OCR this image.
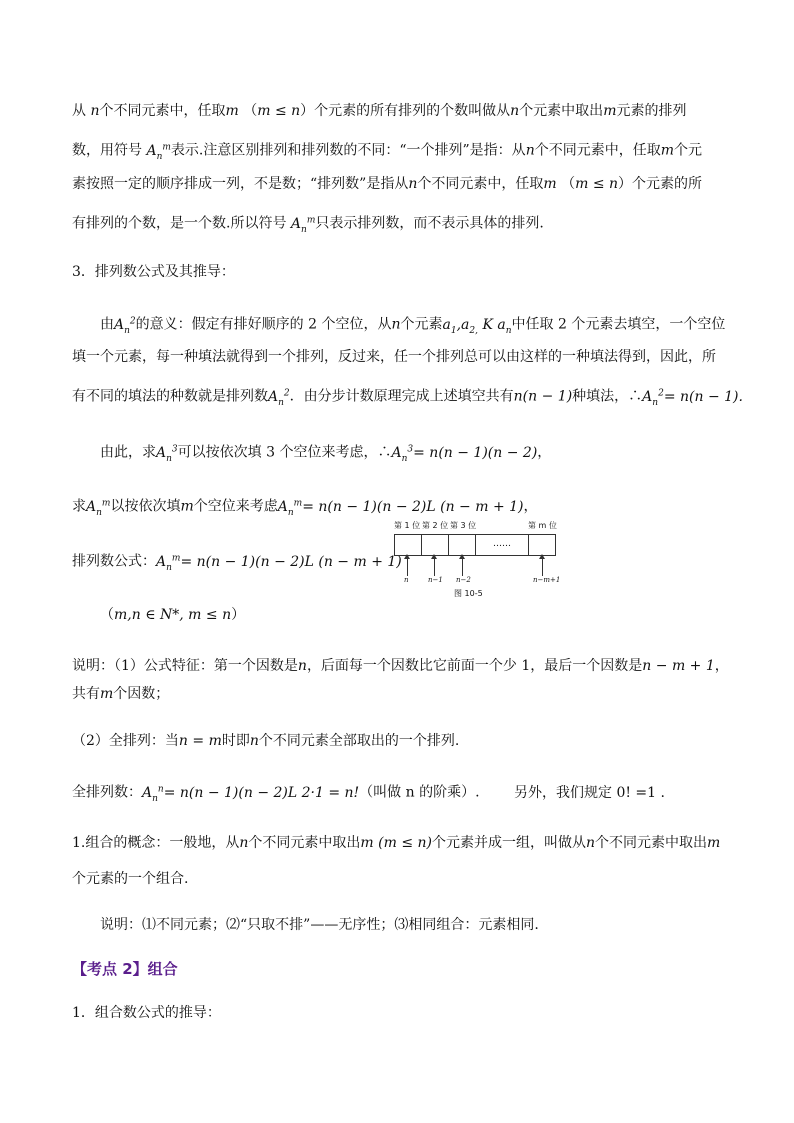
从 n个不同元素中，任取m （m ≤ n）个元素的所有排列的个数叫做从n个元素中取出m元素的排列
数，用符号 $A_n^m$表示.注意区别排列和排列数的不同：“一个排列”是指：从n个不同元素中，任取m个元
素按照一定的顺序排成一列，不是数；“排列数”是指从n个不同元素中，任取m （m ≤ n）个元素的所
有排列的个数，是一个数.所以符号 $A_n^m$只表示排列数，而不表示具体的排列.
3．排列数公式及其推导：
由$A_n^2$的意义：假定有排好顺序的 2 个空位，从n个元素$a_1,a_{2,}$ K $a_n$中任取 2 个元素去填空，一个空位
填一个元素，每一种填法就得到一个排列，反过来，任一个排列总可以由这样的一种填法得到，因此，所
有不同的填法的种数就是排列数$A_n^2$．由分步计数原理完成上述填空共有n(n − 1)种填法，$\therefore A_n^2= n(n - 1)$.
由此，求$A_n^3$可以按依次填 3 个空位来考虑，$\therefore A_n^3= n(n - 1)(n - 2)$，
求$A_n^m$以按依次填m个空位来考虑$A_n^m= n(n - 1)(n - 2)L$ (n − m + 1)，
排列数公式：$A_n^m= n(n - 1)(n - 2)L$ (n − m + 1)
（m,n ∈ N*, m ≤ n）
第 1 位 第 2 位 第 3 位	第 m 位
……
n	n−1 n−2	n−m+1
图 10-5
说明：（1）公式特征：第一个因数是n，后面每一个因数比它前面一个少 1，最后一个因数是n − m + 1，
共有m个因数；
（2）全排列：当n = m时即n个不同元素全部取出的一个排列.
全排列数：$A_n^n= n(n - 1)(n - 2)L$ 2·1 = n!（叫做 n 的阶乘）. 另外，我们规定 0! =1 .
1.组合的概念：一般地，从n个不同元素中取出m (m ≤ n)个元素并成一组，叫做从n个不同元素中取出m
个元素的一个组合.
说明：⑴不同元素；⑵“只取不排”——无序性；⑶相同组合：元素相同.
【考点 2】组合
1．组合数公式的推导：
